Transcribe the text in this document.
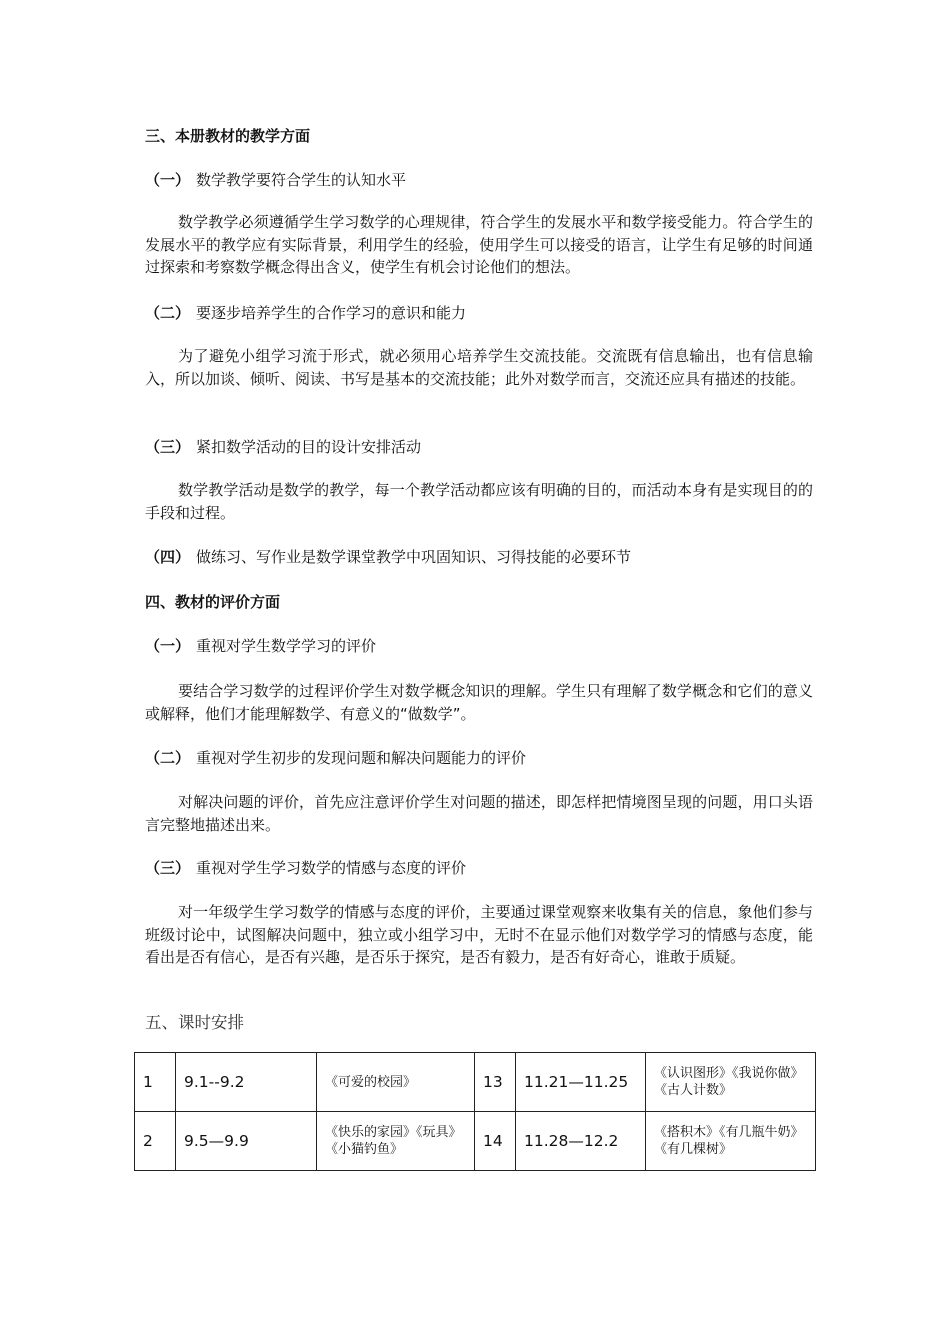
三、本册教材的教学方面

（一） 数学教学要符合学生的认知水平

数学教学必须遵循学生学习数学的心理规律，符合学生的发展水平和数学接受能力。符合学生的发展水平的教学应有实际背景，利用学生的经验，使用学生可以接受的语言，让学生有足够的时间通过探索和考察数学概念得出含义，使学生有机会讨论他们的想法。

（二） 要逐步培养学生的合作学习的意识和能力

为了避免小组学习流于形式，就必须用心培养学生交流技能。交流既有信息输出，也有信息输入，所以加谈、倾听、阅读、书写是基本的交流技能；此外对数学而言，交流还应具有描述的技能。

（三） 紧扣数学活动的目的设计安排活动

数学教学活动是数学的教学，每一个教学活动都应该有明确的目的，而活动本身有是实现目的的手段和过程。

（四） 做练习、写作业是数学课堂教学中巩固知识、习得技能的必要环节

四、教材的评价方面

（一） 重视对学生数学学习的评价

要结合学习数学的过程评价学生对数学概念知识的理解。学生只有理解了数学概念和它们的意义或解释，他们才能理解数学、有意义的“做数学”。

（二） 重视对学生初步的发现问题和解决问题能力的评价

对解决问题的评价，首先应注意评价学生对问题的描述，即怎样把情境图呈现的问题，用口头语言完整地描述出来。

（三） 重视对学生学习数学的情感与态度的评价

对一年级学生学习数学的情感与态度的评价，主要通过课堂观察来收集有关的信息，象他们参与班级讨论中，试图解决问题中，独立或小组学习中，无时不在显示他们对数学学习的情感与态度，能看出是否有信心，是否有兴趣，是否乐于探究，是否有毅力，是否有好奇心，谁敢于质疑。

五、课时安排

1	9.1--9.2	《可爱的校园》	13	11.21—11.25	《认识图形》《我说你做》《古人计数》
2	9.5—9.9	《快乐的家园》《玩具》《小猫钓鱼》	14	11.28—12.2	《搭积木》《有几瓶牛奶》《有几棵树》
